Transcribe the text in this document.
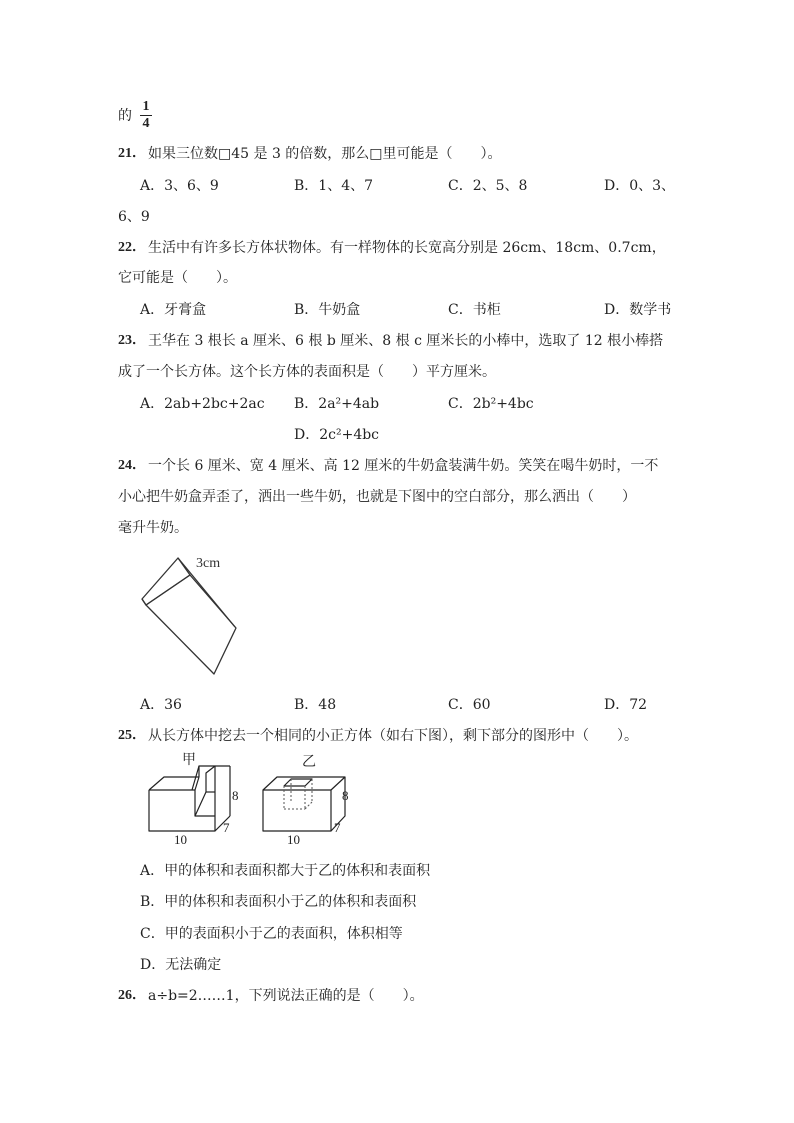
的
1
4
21． 如果三位数□45 是 3 的倍数，那么□里可能是（　　）。
A．3、6、9	B．1、4、7	C．2、5、8	D．0、3、
6、9
22． 生活中有许多长方体状物体。有一样物体的长宽高分别是 26cm、18cm、0.7cm，
它可能是（　　）。
A．牙膏盒	B．牛奶盒	C．书柜	D．数学书
23． 王华在 3 根长 a 厘米、6 根 b 厘米、8 根 c 厘米长的小棒中，选取了 12 根小棒搭
成了一个长方体。这个长方体的表面积是（　　）平方厘米。
A．2ab+2bc+2ac B．2a²+4ab	C．2b²+4bc
D．2c²+4bc
24． 一个长 6 厘米、宽 4 厘米、高 12 厘米的牛奶盒装满牛奶。笑笑在喝牛奶时，一不
小心把牛奶盒弄歪了，洒出一些牛奶，也就是下图中的空白部分，那么洒出（　　）
毫升牛奶。
3cm
A．36	B．48	C．60	D．72
25． 从长方体中挖去一个相同的小正方体（如右下图），剩下部分的图形中（　　）。
甲
8
10
7
乙
8
10
7
A．甲的体积和表面积都大于乙的体积和表面积
B．甲的体积和表面积小于乙的体积和表面积
C．甲的表面积小于乙的表面积，体积相等
D．无法确定
26． a÷b=2……1，下列说法正确的是（　　）。
